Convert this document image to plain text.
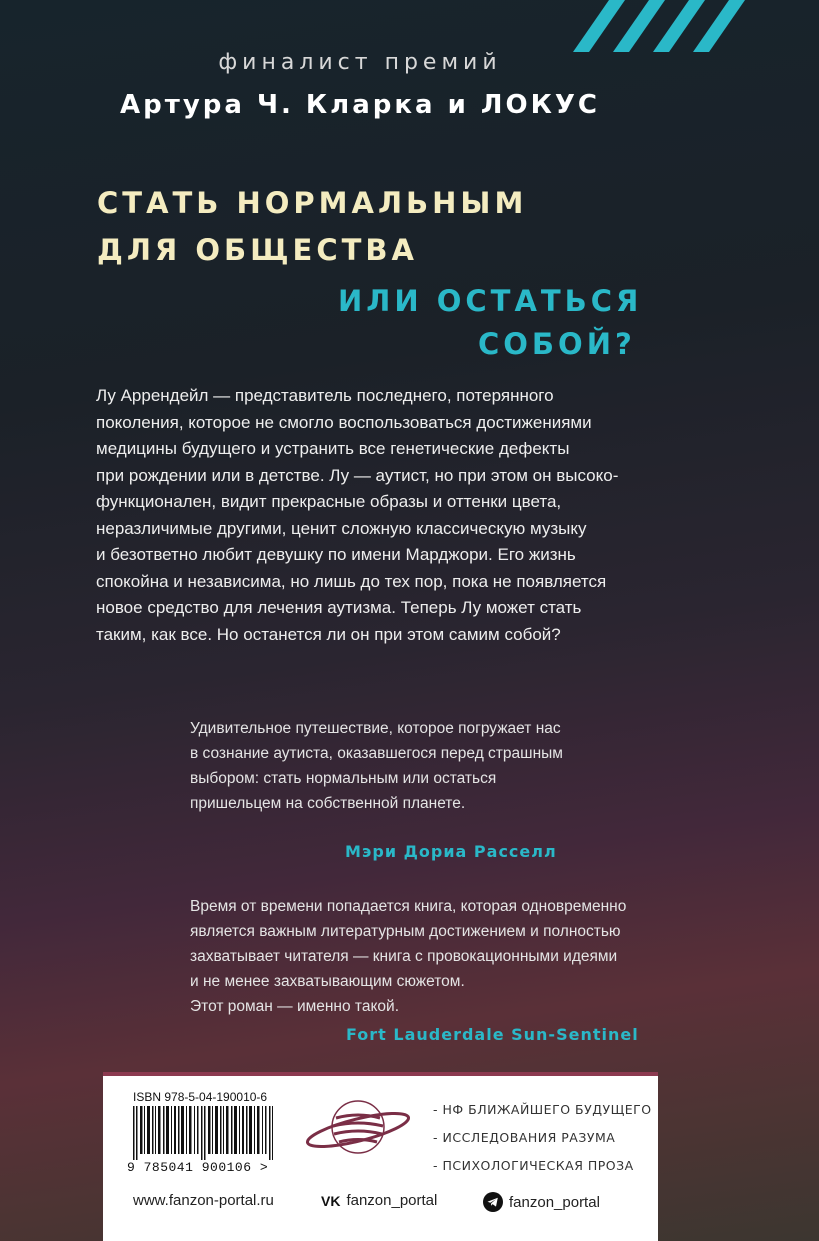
финалист премий
Артура Ч. Кларка и ЛОКУС
СТАТЬ НОРМАЛЬНЫМ
ДЛЯ ОБЩЕСТВА
ИЛИ ОСТАТЬСЯ
СОБОЙ?
Лу Аррендейл — представитель последнего, потерянного
поколения, которое не смогло воспользоваться достижениями
медицины будущего и устранить все генетические дефекты
при рождении или в детстве. Лу — аутист, но при этом он высоко-
функционален, видит прекрасные образы и оттенки цвета,
неразличимые другими, ценит сложную классическую музыку
и безответно любит девушку по имени Марджори. Его жизнь
спокойна и независима, но лишь до тех пор, пока не появляется
новое средство для лечения аутизма. Теперь Лу может стать
таким, как все. Но останется ли он при этом самим собой?
Удивительное путешествие, которое погружает нас
в сознание аутиста, оказавшегося перед страшным
выбором: стать нормальным или остаться
пришельцем на собственной планете.
Мэри Дориа Расселл
Время от времени попадается книга, которая одновременно
является важным литературным достижением и полностью
захватывает читателя — книга с провокационными идеями
и не менее захватывающим сюжетом.
Этот роман — именно такой.
Fort Lauderdale Sun-Sentinel
ISBN 978-5-04-190010-6
9 785041 900106 >
- НФ БЛИЖАЙШЕГО БУДУЩЕГО
- ИССЛЕДОВАНИЯ РАЗУМА
- ПСИХОЛОГИЧЕСКАЯ ПРОЗА
www.fanzon-portal.ru	VK fanzon_portal	fanzon_portal
